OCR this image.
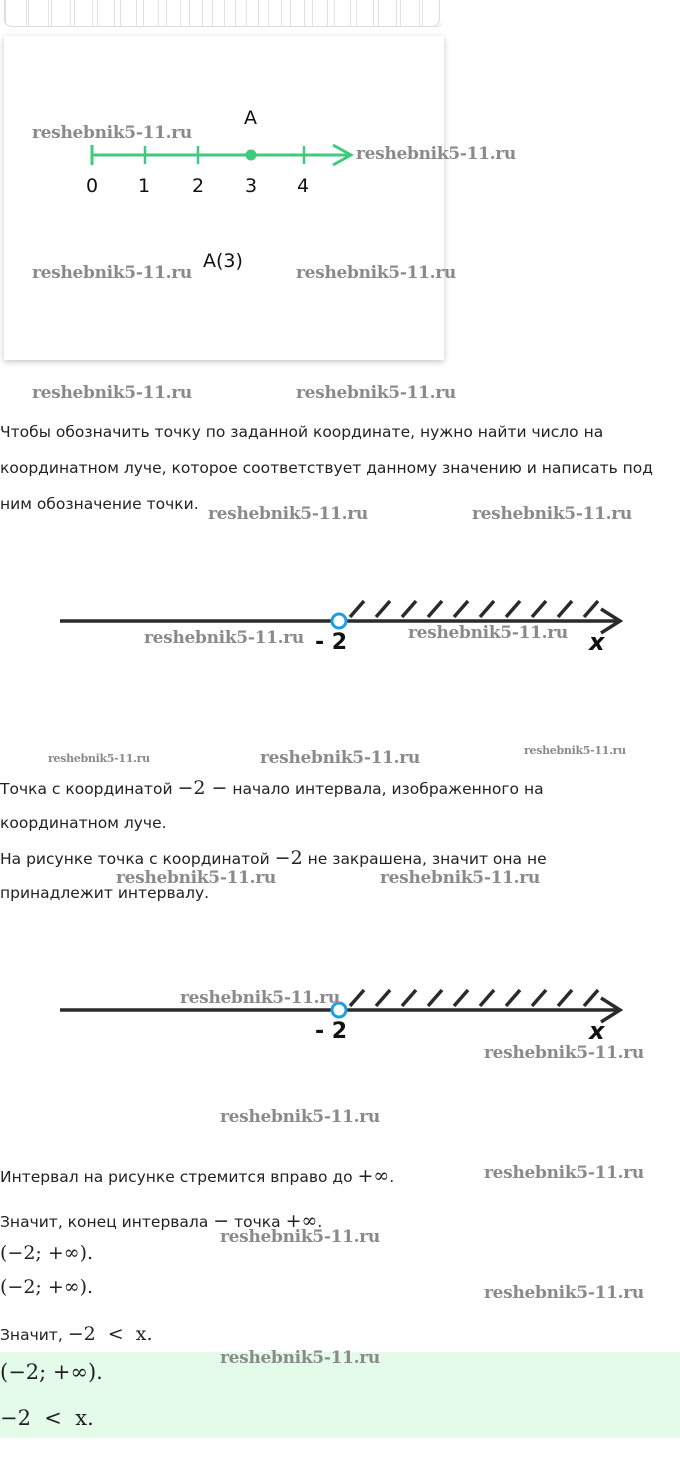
A
0 1 2 3 4
A(3)
- 2	x
- 2	x
Чтобы обозначить точку по заданной координате, нужно найти число на
координатном луче, которое соответствует данному значению и написать под
ним обозначение точки.
Точка с координатой −2 − начало интервала, изображенного на
координатном луче.
На рисунке точка с координатой −2 не закрашена, значит она не
принадлежит интервалу.
Интервал на рисунке стремится вправо до +∞.
Значит, конец интервала − точка +∞.
(−2; +∞).
(−2; +∞).
Значит, −2  <  x.
(−2; +∞).
−2  <  x.
reshebnik5-11.ru
reshebnik5-11.ru
reshebnik5-11.ru	reshebnik5-11.ru
reshebnik5-11.ru	reshebnik5-11.ru
reshebnik5-11.ru	reshebnik5-11.ru
reshebnik5-11.ru	reshebnik5-11.ru
reshebnik5-11.ru	reshebnik5-11.ru	reshebnik5-11.ru
reshebnik5-11.ru	reshebnik5-11.ru
reshebnik5-11.ru
reshebnik5-11.ru
reshebnik5-11.ru
reshebnik5-11.ru
reshebnik5-11.ru
reshebnik5-11.ru
reshebnik5-11.ru
